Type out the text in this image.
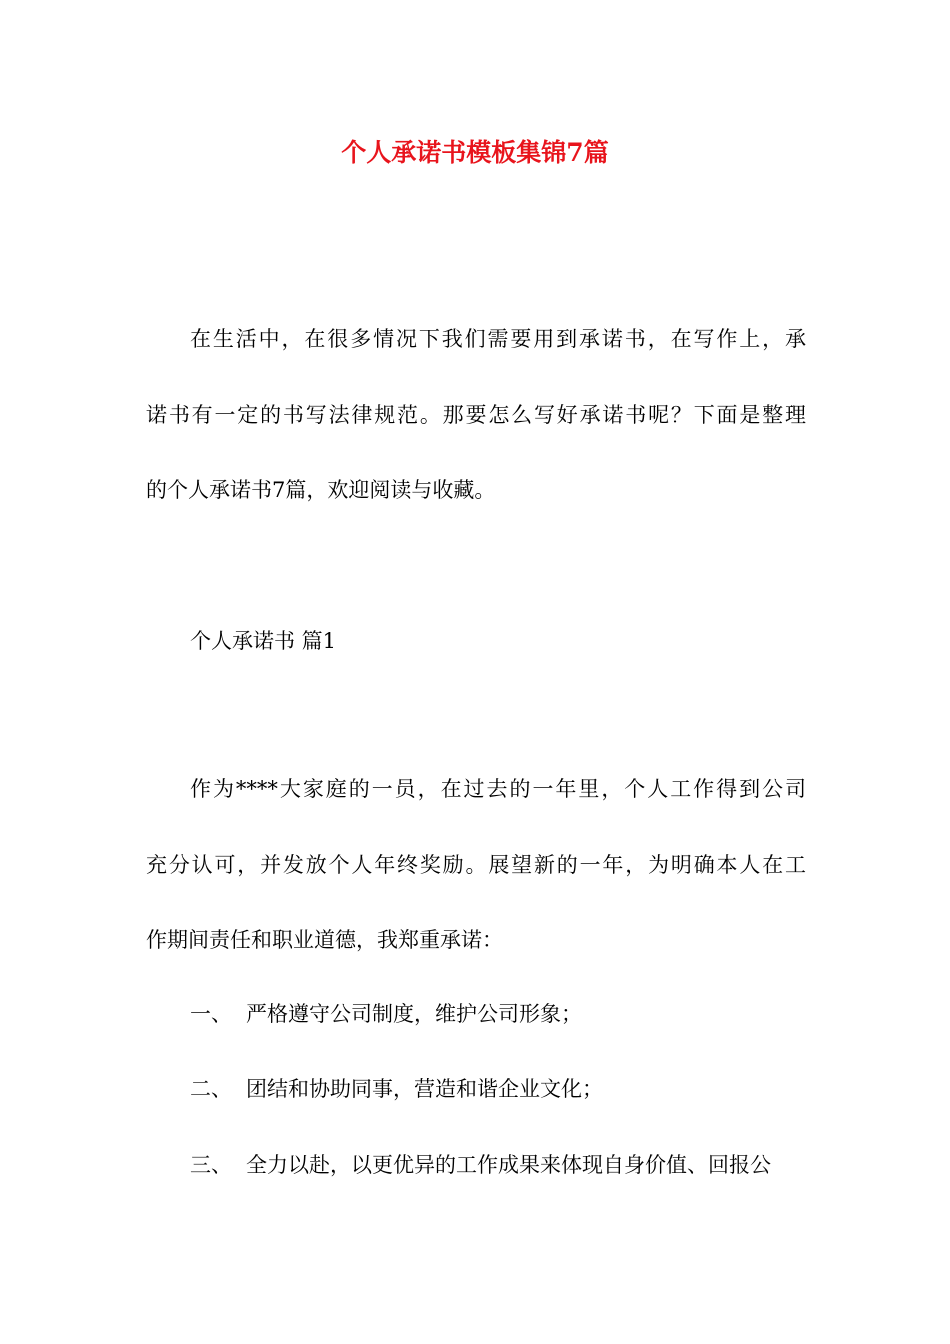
个人承诺书模板集锦7篇

在生活中，在很多情况下我们需要用到承诺书，在写作上，承

诺书有一定的书写法律规范。那要怎么写好承诺书呢？下面是整理

的个人承诺书7篇，欢迎阅读与收藏。

个人承诺书 篇1

作为****大家庭的一员，在过去的一年里，个人工作得到公司

充分认可，并发放个人年终奖励。展望新的一年，为明确本人在工

作期间责任和职业道德，我郑重承诺：

一、 严格遵守公司制度，维护公司形象；
二、 团结和协助同事，营造和谐企业文化；
三、 全力以赴，以更优异的工作成果来体现自身价值、回报公
